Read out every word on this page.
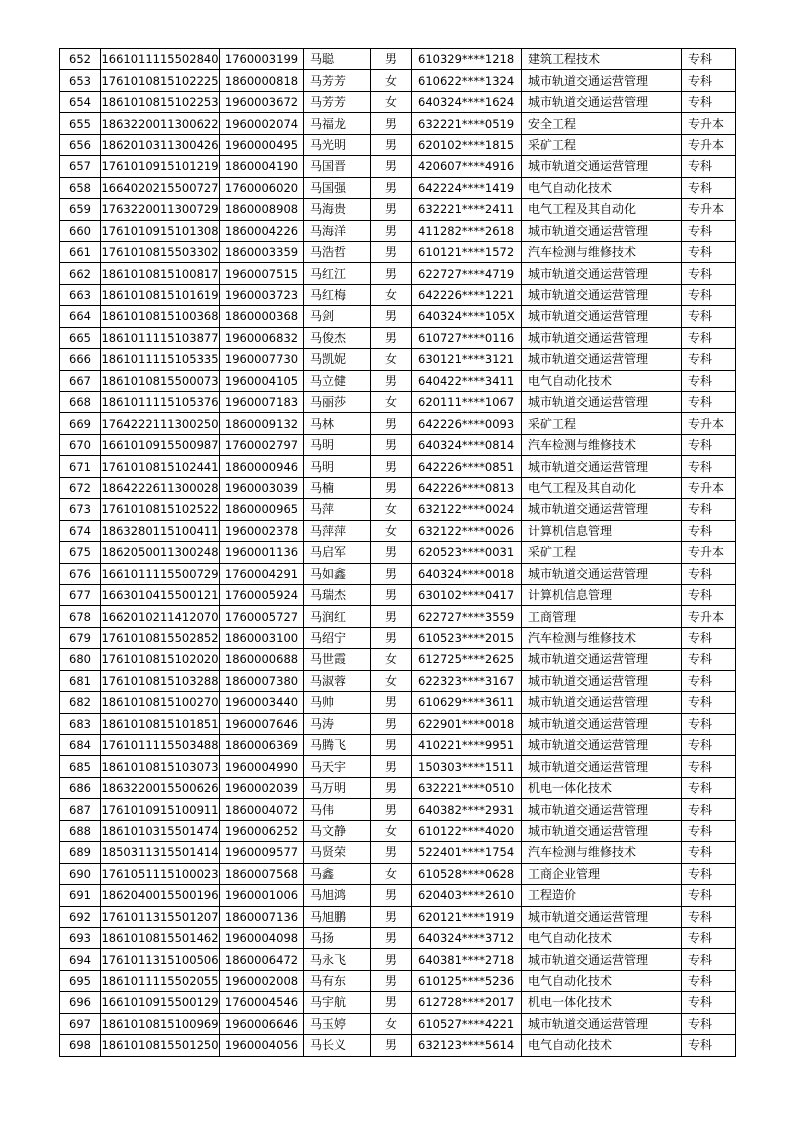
652	1661011115502840	1760003199	马聪	男	610329****1218	建筑工程技术	专科
653	1761010815102225	1860000818	马芳芳	女	610622****1324	城市轨道交通运营管理	专科
654	1861010815102253	1960003672	马芳芳	女	640324****1624	城市轨道交通运营管理	专科
655	1863220011300622	1960002074	马福龙	男	632221****0519	安全工程	专升本
656	1862010311300426	1960000495	马光明	男	620102****1815	采矿工程	专升本
657	1761010915101219	1860004190	马国晋	男	420607****4916	城市轨道交通运营管理	专科
658	1664020215500727	1760006020	马国强	男	642224****1419	电气自动化技术	专科
659	1763220011300729	1860008908	马海贵	男	632221****2411	电气工程及其自动化	专升本
660	1761010915101308	1860004226	马海洋	男	411282****2618	城市轨道交通运营管理	专科
661	1761010815503302	1860003359	马浩哲	男	610121****1572	汽车检测与维修技术	专科
662	1861010815100817	1960007515	马红江	男	622727****4719	城市轨道交通运营管理	专科
663	1861010815101619	1960003723	马红梅	女	642226****1221	城市轨道交通运营管理	专科
664	1861010815100368	1860000368	马剑	男	640324****105X	城市轨道交通运营管理	专科
665	1861011115103877	1960006832	马俊杰	男	610727****0116	城市轨道交通运营管理	专科
666	1861011115105335	1960007730	马凯妮	女	630121****3121	城市轨道交通运营管理	专科
667	1861010815500073	1960004105	马立健	男	640422****3411	电气自动化技术	专科
668	1861011115105376	1960007183	马丽莎	女	620111****1067	城市轨道交通运营管理	专科
669	1764222111300250	1860009132	马林	男	642226****0093	采矿工程	专升本
670	1661010915500987	1760002797	马明	男	640324****0814	汽车检测与维修技术	专科
671	1761010815102441	1860000946	马明	男	642226****0851	城市轨道交通运营管理	专科
672	1864222611300028	1960003039	马楠	男	642226****0813	电气工程及其自动化	专升本
673	1761010815102522	1860000965	马萍	女	632122****0024	城市轨道交通运营管理	专科
674	1863280115100411	1960002378	马萍萍	女	632122****0026	计算机信息管理	专科
675	1862050011300248	1960001136	马启军	男	620523****0031	采矿工程	专升本
676	1661011115500729	1760004291	马如鑫	男	640324****0018	城市轨道交通运营管理	专科
677	1663010415500121	1760005924	马瑞杰	男	630102****0417	计算机信息管理	专科
678	1662010211412070	1760005727	马润红	男	622727****3559	工商管理	专升本
679	1761010815502852	1860003100	马绍宁	男	610523****2015	汽车检测与维修技术	专科
680	1761010815102020	1860000688	马世霞	女	612725****2625	城市轨道交通运营管理	专科
681	1761010815103288	1860007380	马淑蓉	女	622323****3167	城市轨道交通运营管理	专科
682	1861010815100270	1960003440	马帅	男	610629****3611	城市轨道交通运营管理	专科
683	1861010815101851	1960007646	马涛	男	622901****0018	城市轨道交通运营管理	专科
684	1761011115503488	1860006369	马腾飞	男	410221****9951	城市轨道交通运营管理	专科
685	1861010815103073	1960004990	马天宇	男	150303****1511	城市轨道交通运营管理	专科
686	1863220015500626	1960002039	马万明	男	632221****0510	机电一体化技术	专科
687	1761010915100911	1860004072	马伟	男	640382****2931	城市轨道交通运营管理	专科
688	1861010315501474	1960006252	马文静	女	610122****4020	城市轨道交通运营管理	专科
689	1850311315501414	1960009577	马贤荣	男	522401****1754	汽车检测与维修技术	专科
690	1761051115100023	1860007568	马鑫	女	610528****0628	工商企业管理	专科
691	1862040015500196	1960001006	马旭鸿	男	620403****2610	工程造价	专科
692	1761011315501207	1860007136	马旭鹏	男	620121****1919	城市轨道交通运营管理	专科
693	1861010815501462	1960004098	马扬	男	640324****3712	电气自动化技术	专科
694	1761011315100506	1860006472	马永飞	男	640381****2718	城市轨道交通运营管理	专科
695	1861011115502055	1960002008	马有东	男	610125****5236	电气自动化技术	专科
696	1661010915500129	1760004546	马宇航	男	612728****2017	机电一体化技术	专科
697	1861010815100969	1960006646	马玉婷	女	610527****4221	城市轨道交通运营管理	专科
698	1861010815501250	1960004056	马长义	男	632123****5614	电气自动化技术	专科
